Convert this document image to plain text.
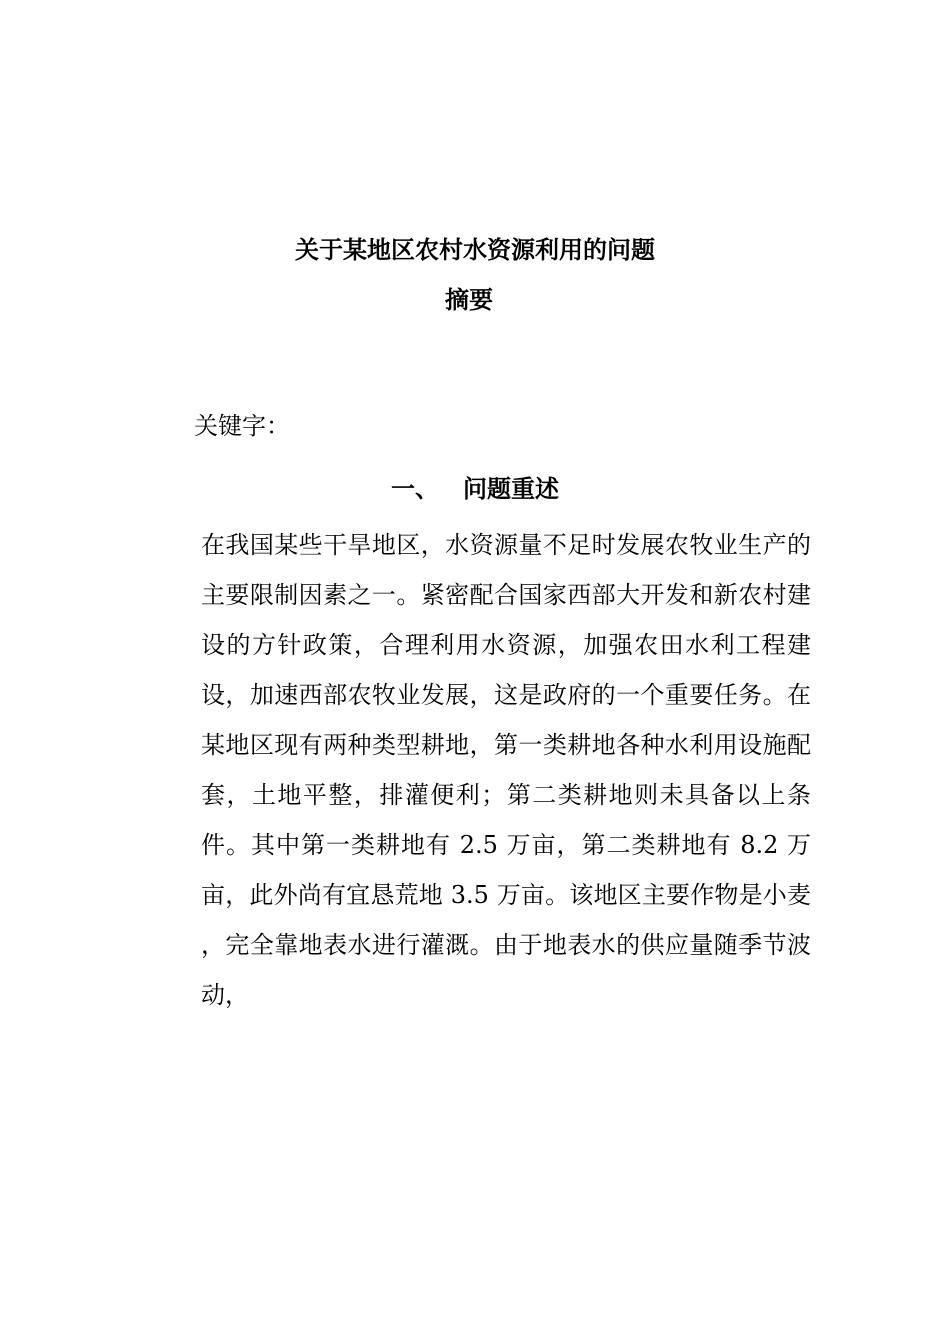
关于某地区农村水资源利用的问题
摘要

关键字：

一、 问题重述

在我国某些干旱地区，水资源量不足时发展农牧业生产的主要限制因素之一。紧密配合国家西部大开发和新农村建设的方针政策，合理利用水资源，加强农田水利工程建设，加速西部农牧业发展，这是政府的一个重要任务。在某地区现有两种类型耕地，第一类耕地各种水利用设施配套，土地平整，排灌便利；第二类耕地则未具备以上条件。其中第一类耕地有 2.5 万亩，第二类耕地有 8.2 万亩，此外尚有宜恳荒地 3.5 万亩。该地区主要作物是小麦 ，完全靠地表水进行灌溉。由于地表水的供应量随季节波动，
